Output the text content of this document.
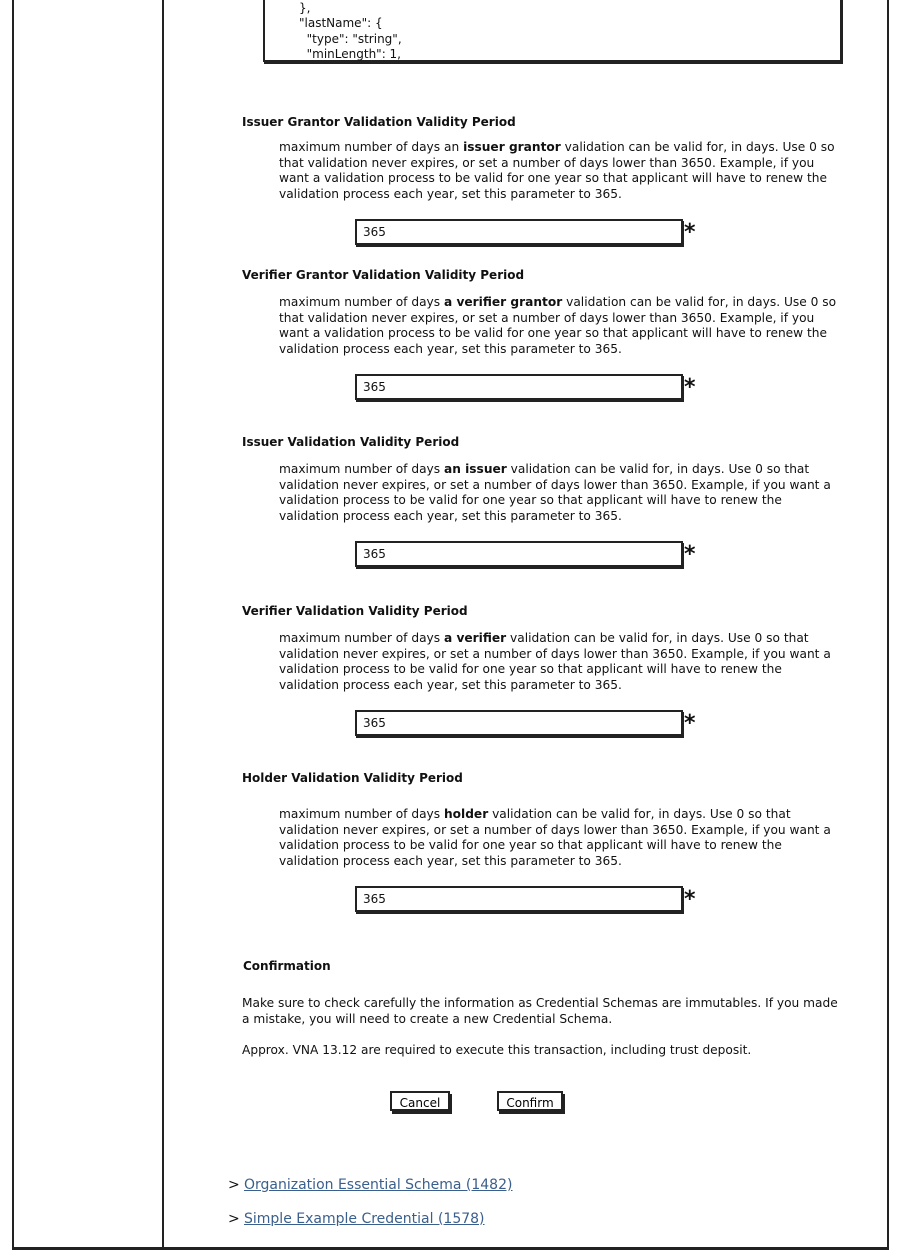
},
"lastName": {
"type": "string",
"minLength": 1,
Issuer Grantor Validation Validity Period
maximum number of days an issuer grantor validation can be valid for, in days. Use 0 so that validation never expires, or set a number of days lower than 3650. Example, if you want a validation process to be valid for one year so that applicant will have to renew the validation process each year, set this parameter to 365.
365	*
Verifier Grantor Validation Validity Period
maximum number of days a verifier grantor validation can be valid for, in days. Use 0 so that validation never expires, or set a number of days lower than 3650. Example, if you want a validation process to be valid for one year so that applicant will have to renew the validation process each year, set this parameter to 365.
365	*
Issuer Validation Validity Period
maximum number of days an issuer validation can be valid for, in days. Use 0 so that validation never expires, or set a number of days lower than 3650. Example, if you want a validation process to be valid for one year so that applicant will have to renew the validation process each year, set this parameter to 365.
365	*
Verifier Validation Validity Period
maximum number of days a verifier validation can be valid for, in days. Use 0 so that validation never expires, or set a number of days lower than 3650. Example, if you want a validation process to be valid for one year so that applicant will have to renew the validation process each year, set this parameter to 365.
365	*
Holder Validation Validity Period
maximum number of days holder validation can be valid for, in days. Use 0 so that validation never expires, or set a number of days lower than 3650. Example, if you want a validation process to be valid for one year so that applicant will have to renew the validation process each year, set this parameter to 365.
365	*
Confirmation
Make sure to check carefully the information as Credential Schemas are immutables. If you made a mistake, you will need to create a new Credential Schema.
Approx. VNA 13.12 are required to execute this transaction, including trust deposit.
Cancel	Confirm
> Organization Essential Schema (1482)
> Simple Example Credential (1578)
